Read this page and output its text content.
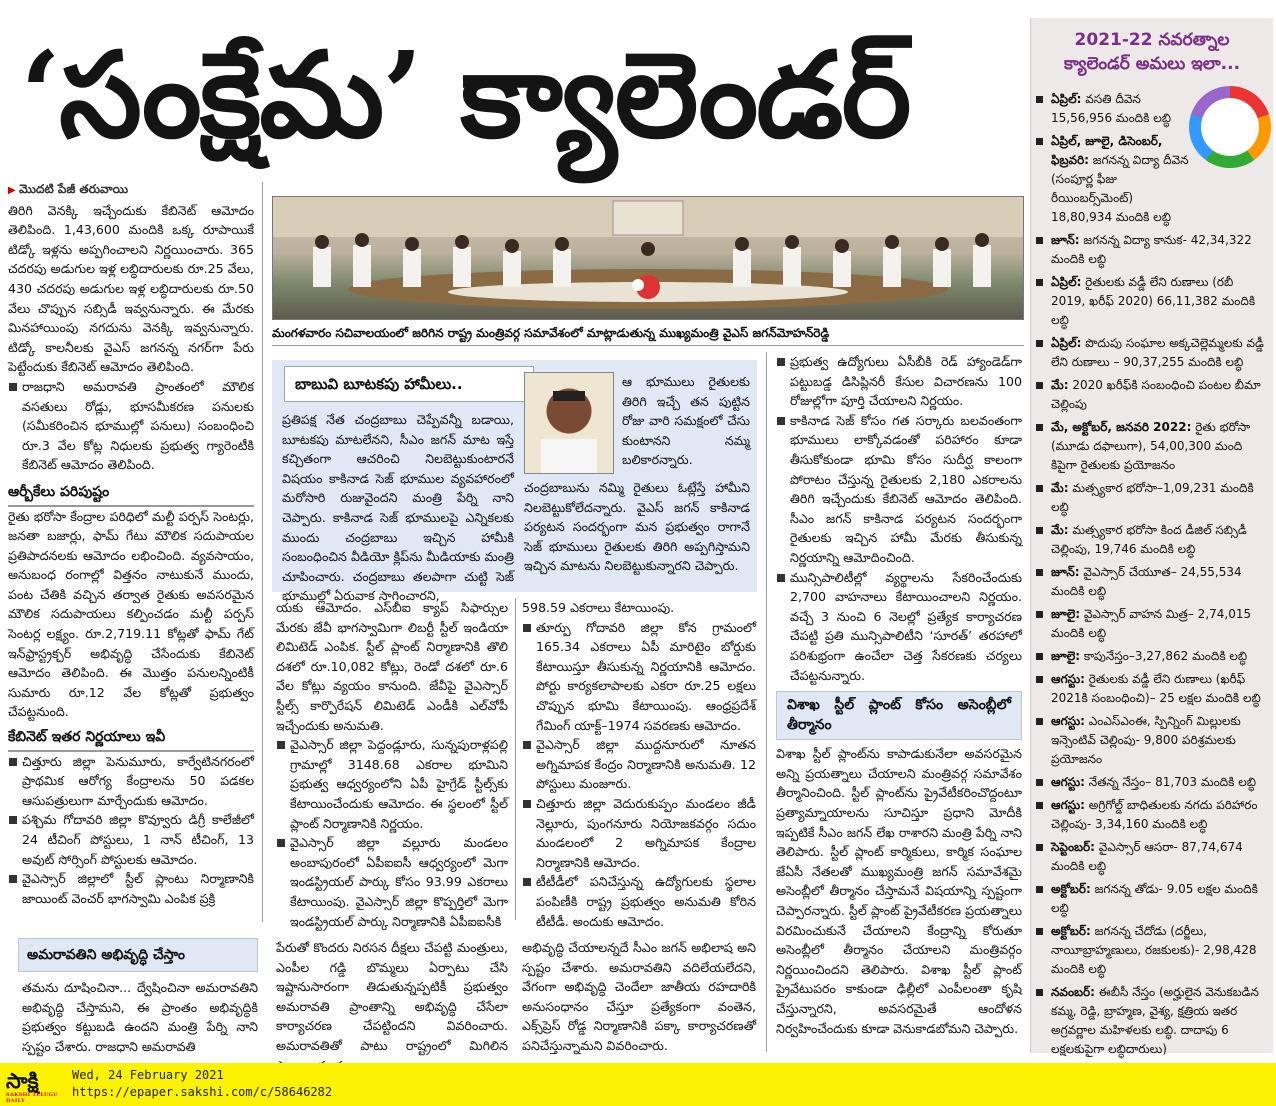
‘సంక్షేమ’ క్యాలెండర్
▶ మొదటి పేజీ తరువాయి

తిరిగి వెనక్కి ఇచ్చేందుకు కేబినెట్ ఆమోదం తెలిపింది. 1,43,600 మందికి ఒక్క రూపాయికే టిడ్కో ఇళ్లను అప్పగించాలని నిర్ణయించారు. 365 చదరపు అడుగుల ఇళ్ల లబ్ధిదారులకు రూ.25 వేలు, 430 చదరపు అడుగుల ఇళ్ల లబ్ధిదారులకు రూ.50 వేలు చొప్పున సబ్సిడీ ఇవ్వనున్నారు. ఈ మేరకు మినహాయింపు నగదును వెనక్కి ఇవ్వనున్నారు. టిడ్కో కాలనీలకు వైఎస్ జగనన్న నగర్‌గా పేరు పెట్టేందుకు కేబినెట్ ఆమోదం తెలిపింది.

రాజధాని అమరావతి ప్రాంతంలో మౌలిక వసతులు రోడ్లు, భూసమీకరణ పనులకు (సమీకరించిన భూముల్లో పనులు) సంబంధించి రూ.3 వేల కోట్ల నిధులకు ప్రభుత్వ గ్యారెంటీకి కేబినెట్ ఆమోదం తెలిపింది.
ఆర్బీకేలు పరిపుష్టం

రైతు భరోసా కేంద్రాల పరిధిలో మల్టీ పర్పస్ సెంటర్లు, జనతా బజార్లు, ఫామ్ గేటు మౌలిక సదుపాయల ప్రతిపాదనలకు ఆమోదం లభించింది. వ్యవసాయం, అనుబంధ రంగాల్లో విత్తనం నాటుకునే ముందు, పంట చేతికి వచ్చిన తర్వాత రైతుకు అవసరమైన మౌలిక సదుపాయలు కల్పించడం మల్టీ పర్పస్ సెంటర్ల లక్ష్యం. రూ.2,719.11 కోట్లతో ఫామ్ గేట్ ఇన్‌ఫ్రాస్ట్రక్చర్ అభివృద్ధి చేసేందుకు కేబినెట్ ఆమోదం తెలిపింది. ఈ మొత్తం పనులన్నింటికీ సుమారు రూ.12 వేల కోట్లతో ప్రభుత్వం చేపట్టనుంది.

కేబినెట్ ఇతర నిర్ణయాలు ఇవీ
చిత్తూరు జిల్లా పెనుమూరు, కార్వేటినగరంలో ప్రాథమిక ఆరోగ్య కేంద్రాలను 50 పడకల ఆసుపత్రులుగా మార్చేందుకు ఆమోదం.
పశ్చిమ గోదావరి జిల్లా కొవ్వూరు డిగ్రీ కాలేజీలో 24 టీచింగ్ పోస్టులు, 1 నాన్ టీచింగ్, 13 అవుట్ సోర్సింగ్ పోస్టులకు ఆమోదం.
వైఎస్సార్ జిల్లాలో స్టీల్ ప్లాంటు నిర్మాణానికి జాయింట్ వెంచర్ భాగస్వామి ఎంపిక ప్రక్రి
మంగళవారం సచివాలయంలో జరిగిన రాష్ట్ర మంత్రివర్గ సమావేశంలో మాట్లాడుతున్న ముఖ్యమంత్రి వైఎస్ జగన్‌మోహన్‌రెడ్డి
బాబువి బూటకపు హామీలు..

ప్రతిపక్ష నేత చంద్రబాబు చెప్పేవన్నీ బడాయి, బూటకపు మాటలేనని, సీఎం జగన్ మాట ఇస్తే కచ్చితంగా ఆచరించి నిలబెట్టుకుంటారనే విషయం కాకినాడ సెజ్ భూముల వ్యవహారంలో మరోసారి రుజువైందని మంత్రి పేర్ని నాని చెప్పారు. కాకినాడ సెజ్ భూములపై ఎన్నికలకు ముందు చంద్రబాబు ఇచ్చిన హామీకి సంబంధించిన వీడియో క్లిప్‌ను మీడియాకు మంత్రి చూపించారు. చంద్రబాబు తలపాగా చుట్టి సెజ్ భూముల్లో ఏరువాక సాగించారని,

ఆ భూములు రైతులకు తిరిగి ఇచ్చే తన పుట్టిన రోజు వారి సమక్షంలో చేసు కుంటానని నమ్మ బలికారన్నారు.

చంద్రబాబును నమ్మి రైతులు ఓట్లేస్తే హామీని నిలబెట్టుకోలేదన్నారు. వైఎస్ జగన్ కాకినాడ పర్యటన సందర్భంగా మన ప్రభుత్వం రాగానే సెజ్ భూములు రైతులకు తిరిగి అప్పగిస్తామని ఇచ్చిన మాటను నిలబెట్టుకున్నారని చెప్పారు.

యకు ఆమోదం. ఎస్‌బీఐ క్యాప్ సిఫార్సుల మేరకు జేవీ భాగస్వామిగా లిబర్టీ స్టీల్ ఇండియా లిమిటెడ్ ఎంపిక. స్టీల్ ప్లాంట్ నిర్మాణానికి తొలి దశలో రూ.10,082 కోట్లు, రెండో దశలో రూ.6 వేల కోట్లు వ్యయం కానుంది. జేవీపై వైఎస్సార్ స్టీల్స్ కార్పొరేషన్ లిమిటెడ్ ఎండీకి ఎల్‌వోపీ ఇచ్చేందుకు అనుమతి.

వైఎస్సార్ జిల్లా పెద్దండ్లూరు, సున్నపురాళ్లపల్లి గ్రామాల్లో 3148.68 ఎకరాల భూమిని ప్రభుత్వ ఆధ్వర్యంలోని ఏపీ హైగ్రేడ్ స్టీల్స్‌కు కేటాయించేందుకు ఆమోదం. ఈ స్థలంలో స్టీల్ ప్లాంట్ నిర్మాణానికి నిర్ణయం.
వైఎస్సార్ జిల్లా వల్లూరు మండలం అంబాపురంలో ఏపీఐఐసీ ఆధ్వర్యంలో మెగా ఇండస్ట్రియల్ పార్కు కోసం 93.99 ఎకరాలు కేటాయింపు. వైఎస్సార్ జిల్లా కొప్పర్తిలో మెగా ఇండస్ట్రియల్ పార్కు నిర్మాణానికి ఏపీఐఐసీకి

598.59 ఎకరాలు కేటాయింపు.

తూర్పు గోదావరి జిల్లా కోన గ్రామంలో 165.34 ఎకరాలు ఏపీ మారిటైం బోర్డుకు కేటాయిస్తూ తీసుకున్న నిర్ణయానికి ఆమోదం. పోర్టు కార్యకలాపాలకు ఎకరా రూ.25 లక్షలు చొప్పున భూమి కేటాయింపు. ఆంధ్రప్రదేశ్ గేమింగ్ యాక్ట్–1974 సవరణకు ఆమోదం.
వైఎస్సార్ జిల్లా ముద్దనూరులో నూతన అగ్నిమాపక కేంద్రం నిర్మాణానికి అనుమతి. 12 పోస్టులు మంజూరు.
చిత్తూరు జిల్లా వెదురుకుప్పం మండలం జీడీ నెల్లూరు, పుంగనూరు నియోజకవర్గం సదుం మండలంలో 2 అగ్నిమాపక కేంద్రాల నిర్మాణానికి ఆమోదం.
టీటీడీలో పనిచేస్తున్న ఉద్యోగులకు స్థలాల పంపిణీకి రాష్ట్ర ప్రభుత్వం అనుమతి కోరిన టీటీడీ. అందుకు ఆమోదం.
ప్రభుత్వ ఉద్యోగులు ఏసీబీకి రెడ్ హ్యాండెడ్‌గా పట్టుబడ్డ డిసిప్లినరీ కేసుల విచారణను 100 రోజుల్లోగా పూర్తి చేయాలని నిర్ణయం.
కాకినాడ సెజ్ కోసం గత సర్కారు బలవంతంగా భూములు లాక్కోవడంతో పరిహారం కూడా తీసుకోకుండా భూమి కోసం సుదీర్ఘ కాలంగా పోరాటం చేస్తున్న రైతులకు 2,180 ఎకరాలను తిరిగి ఇచ్చేందుకు కేబినెట్ ఆమోదం తెలిపింది. సీఎం జగన్ కాకినాడ పర్యటన సందర్భంగా రైతులకు ఇచ్చిన హామీ మేరకు తీసుకున్న నిర్ణయాన్ని ఆమోదించింది.
మున్సిపాలిటీల్లో వ్యర్థాలను సేకరించేందుకు 2,700 వాహనాలు కేటాయించాలని నిర్ణయం. వచ్చే 3 నుంచి 6 నెలల్లో ప్రత్యేక కార్యాచరణ చేపట్టి ప్రతి మున్సిపాలిటీని ‘సూరత్’ తరహాలో పరిశుభ్రంగా ఉంచేలా చెత్త సేకరణకు చర్యలు చేపట్టనున్నారు.
విశాఖ స్టీల్ ప్లాంట్ కోసం అసెంబ్లీలో తీర్మానం

విశాఖ స్టీల్ ప్లాంట్‌ను కాపాడుకునేలా అవసరమైన అన్ని ప్రయత్నాలు చేయాలని మంత్రివర్గ సమావేశం తీర్మానించింది. స్టీల్ ప్లాంట్‌ను ప్రైవేటీకరించొద్దంటూ ప్రత్యామ్నాయాలను సూచిస్తూ ప్రధాని మోదీకి ఇప్పటికే సీఎం జగన్ లేఖ రాశారని మంత్రి పేర్ని నాని తెలిపారు. స్టీల్ ప్లాంట్ కార్మికులు, కార్మిక సంఘాల జేఏసీ నేతలతో ముఖ్యమంత్రి జగన్ సమావేశమై అసెంబ్లీలో తీర్మానం చేస్తామనే విషయాన్ని స్పష్టంగా చెప్పారన్నారు. స్టీల్ ప్లాంట్ ప్రైవేటీకరణ ప్రయత్నాలు విరమించుకునే చేయాలని కేంద్రాన్ని కోరుతూ అసెంబ్లీలో తీర్మానం చేయాలని మంత్రివర్గం నిర్ణయించిందని తెలిపారు. విశాఖ స్టీల్ ప్లాంట్ ప్రైవేటుపరం కాకుండా ఢిల్లీలో ఎంపీలంతా కృషి చేస్తున్నారని, అవసరమైతే ఆందోళన నిర్వహించేందుకు కూడా వెనుకాడబోమని చెప్పారు.

అమరావతిని అభివృద్ధి చేస్తాం

తమను దూషించినా... ద్వేషించినా అమరావతిని అభివృద్ధి చేస్తామని, ఈ ప్రాంతం అభివృద్ధికి ప్రభుత్వం కట్టుబడి ఉందని మంత్రి పేర్ని నాని స్పష్టం చేశారు. రాజధాని అమరావతి

పేరుతో కొందరు నిరసన దీక్షలు చేపట్టి మంత్రులు, ఎంపీల గడ్డి బొమ్మలు ఏర్పాటు చేసి ఇష్టానుసారంగా తిడుతున్నప్పటికీ ప్రభుత్వం అమరావతి ప్రాంతాన్ని అభివృద్ధి చేసేలా కార్యాచరణ చేపట్టిందని వివరించారు. అమరావతితో పాటు రాష్ట్రంలో మిగిలిన

అభివృద్ధి చేయాలన్నదే సీఎం జగన్ అభిలాష అని స్పష్టం చేశారు. అమరావతిని వదిలేయలేదని, వేగంగా అభివృద్ధి చెందేలా జాతీయ రహదారికి అనుసంధానం చేస్తూ ప్రత్యేకంగా వంతెన, ఎక్స్‌ప్రెస్ రోడ్డ నిర్మాణానికి పక్కా కార్యాచరణతో పనిచేస్తున్నామని వివరించారు.

2021-22 నవరత్నాల
క్యాలెండర్ అమలు ఇలా...
ఏప్రిల్: వసతి దీవెన 15,56,956 మందికి లబ్ధి
ఏప్రిల్, జూలై, డిసెంబర్, ఫిబ్రవరి: జగనన్న విద్యా దీవెన (సంపూర్ణ ఫీజు రీయింబర్స్‌మెంట్) 18,80,934 మందికి లబ్ధి
జూన్: జగనన్న విద్యా కానుక- 42,34,322 మందికి లబ్ధి
ఏప్రిల్: రైతులకు వడ్డీ లేని రుణాలు (రబీ 2019, ఖరీఫ్ 2020) 66,11,382 మందికి లబ్ధి
ఏప్రిల్: పొదుపు సంఘాల అక్కచెల్లెమ్మలకు వడ్డీ లేని రుణాలు – 90,37,255 మందికి లబ్ధి
మే: 2020 ఖరీఫ్‌కి సంబంధించి పంటల బీమా చెల్లింపు
మే, అక్టోబర్, జనవరి 2022: రైతు భరోసా (మూడు దఫాలుగా), 54,00,300 మంది కిపైగా రైతులకు ప్రయోజనం
మే: మత్స్యకార భరోసా–1,09,231 మందికి లబ్ధి
మే: మత్స్యకార భరోసా కింద డీజిల్ సబ్సిడీ చెల్లింపు, 19,746 మందికి లబ్ధి
జూన్: వైఎస్సార్ చేయూత– 24,55,534 మందికి లబ్ధి
జూలై: వైఎస్సార్ వాహన మిత్ర– 2,74,015 మందికి లబ్ధి
జూలై: కాపునేస్తం–3,27,862 మందికి లబ్ధి
ఆగస్టు: రైతులకు వడ్డీ లేని రుణాలు (ఖరీఫ్ 2021కి సంబంధించి)– 25 లక్షల మందికి లబ్ధి
ఆగస్టు: ఎంఎస్ఎంఈ, స్పిన్నింగ్ మిల్లులకు ఇన్సెంటివ్ చెల్లింపు- 9,800 పరిశ్రమలకు ప్రయోజనం
ఆగస్టు: నేతన్న నేస్తం– 81,703 మందికి లబ్ధి
ఆగస్టు: అగ్రిగోల్డ్ బాధితులకు నగదు పరిహారం చెల్లింపు- 3,34,160 మందికి లబ్ధి
సెప్టెంబర్: వైఎస్సార్ ఆసరా- 87,74,674 మందికి లబ్ధి
అక్టోబర్: జగనన్న తోడు- 9.05 లక్షల మందికి లబ్ధి
అక్టోబర్: జగనన్న చేదోడు (దర్జీలు, నాయీబ్రాహ్మణులు, రజకులకు)- 2,98,428 మందికి లబ్ధి
నవంబర్: ఈబీసీ నేస్తం (అర్హులైన వెనుకబడిన కమ్మ, రెడ్డి, బ్రాహ్మణ, వైశ్య, క్షత్రియ ఇతర అగ్రవర్ణాల మహిళలకు లబ్ధి. దాదాపు 6 లక్షలకుపైగా లబ్ధిదారులు)
సాక్షి
SAKSHI TELUGU DAILY
Wed, 24 February 2021
https://epaper.sakshi.com/c/58646282
